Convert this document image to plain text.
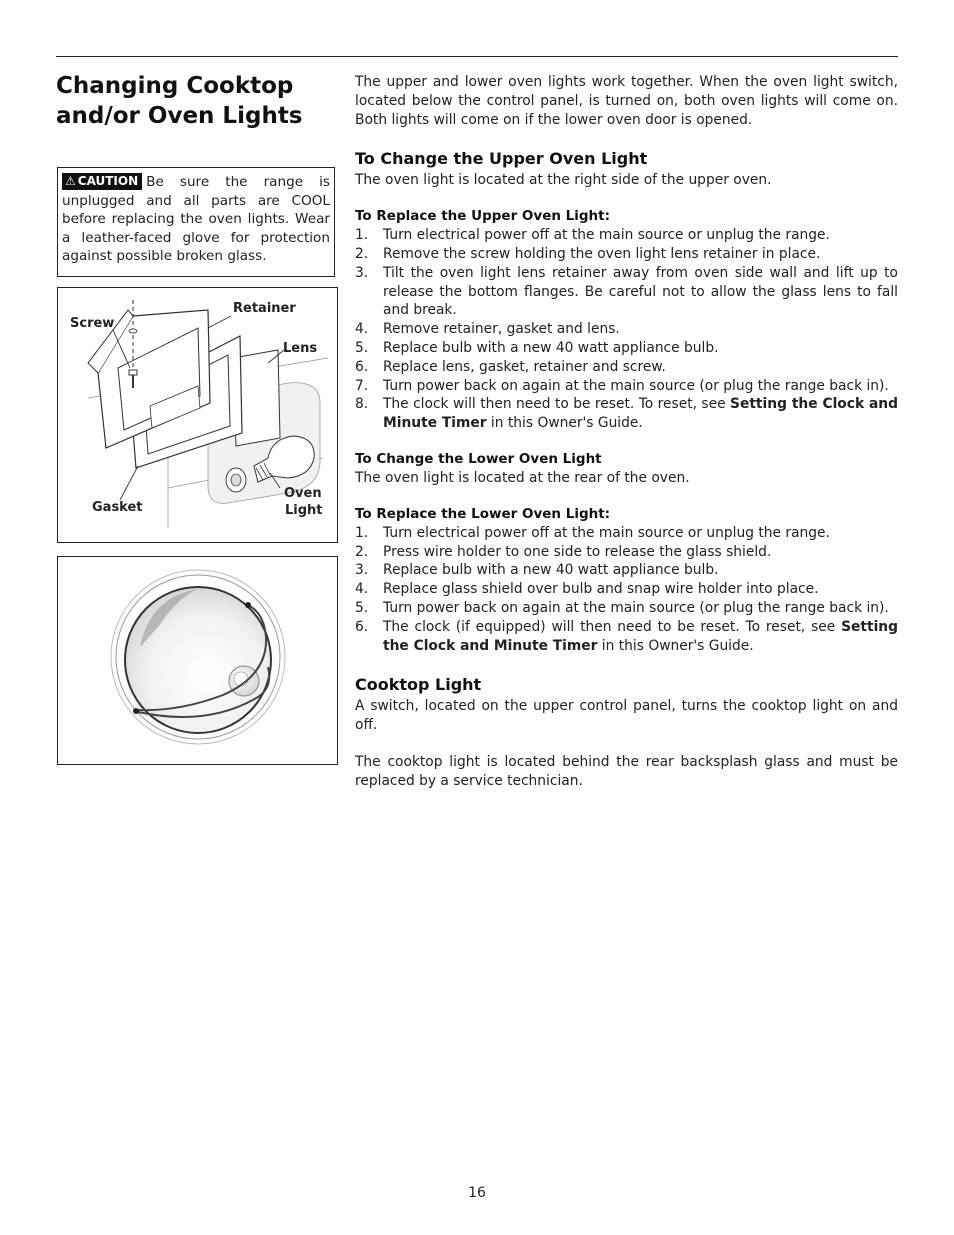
Changing Cooktop and/or Oven Lights
⚠ CAUTION Be sure the range is unplugged and all parts are COOL before replacing the oven lights. Wear a leather-faced glove for protection against possible broken glass.
Screw
Retainer
Lens
Gasket
Oven
Light

The upper and lower oven lights work together. When the oven light switch, located below the control panel, is turned on, both oven lights will come on. Both lights will come on if the lower oven door is opened.

To Change the Upper Oven Light

The oven light is located at the right side of the upper oven.

To Replace the Upper Oven Light:
1. Turn electrical power off at the main source or unplug the range.
2. Remove the screw holding the oven light lens retainer in place.
3. Tilt the oven light lens retainer away from oven side wall and lift up to release the bottom flanges. Be careful not to allow the glass lens to fall and break.
4. Remove retainer, gasket and lens.
5. Replace bulb with a new 40 watt appliance bulb.
6. Replace lens, gasket, retainer and screw.
7. Turn power back on again at the main source (or plug the range back in).
8. The clock will then need to be reset. To reset, see Setting the Clock and Minute Timer in this Owner's Guide.
To Change the Lower Oven Light

The oven light is located at the rear of the oven.

To Replace the Lower Oven Light:
1. Turn electrical power off at the main source or unplug the range.
2. Press wire holder to one side to release the glass shield.
3. Replace bulb with a new 40 watt appliance bulb.
4. Replace glass shield over bulb and snap wire holder into place.
5. Turn power back on again at the main source (or plug the range back in).
6. The clock (if equipped) will then need to be reset. To reset, see Setting the Clock and Minute Timer in this Owner's Guide.
Cooktop Light

A switch, located on the upper control panel, turns the cooktop light on and off.

The cooktop light is located behind the rear backsplash glass and must be replaced by a service technician.

16
